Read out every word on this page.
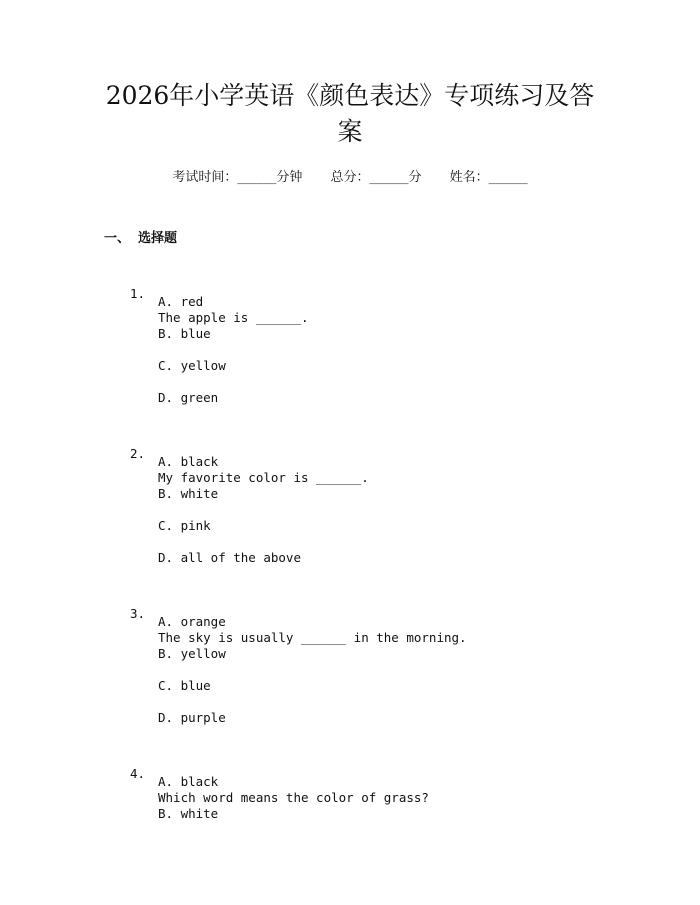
2026年小学英语《颜色表达》专项练习及答
案
考试时间：______分钟 总分：______分 姓名：______
一、 选择题

1.

The apple is ______.

A. red
B. blue
C. yellow
D. green

2.

My favorite color is ______.

A. black
B. white
C. pink
D. all of the above

3.

The sky is usually ______ in the morning.

A. orange
B. yellow
C. blue
D. purple

4.

Which word means the color of grass?

A. black
B. white
